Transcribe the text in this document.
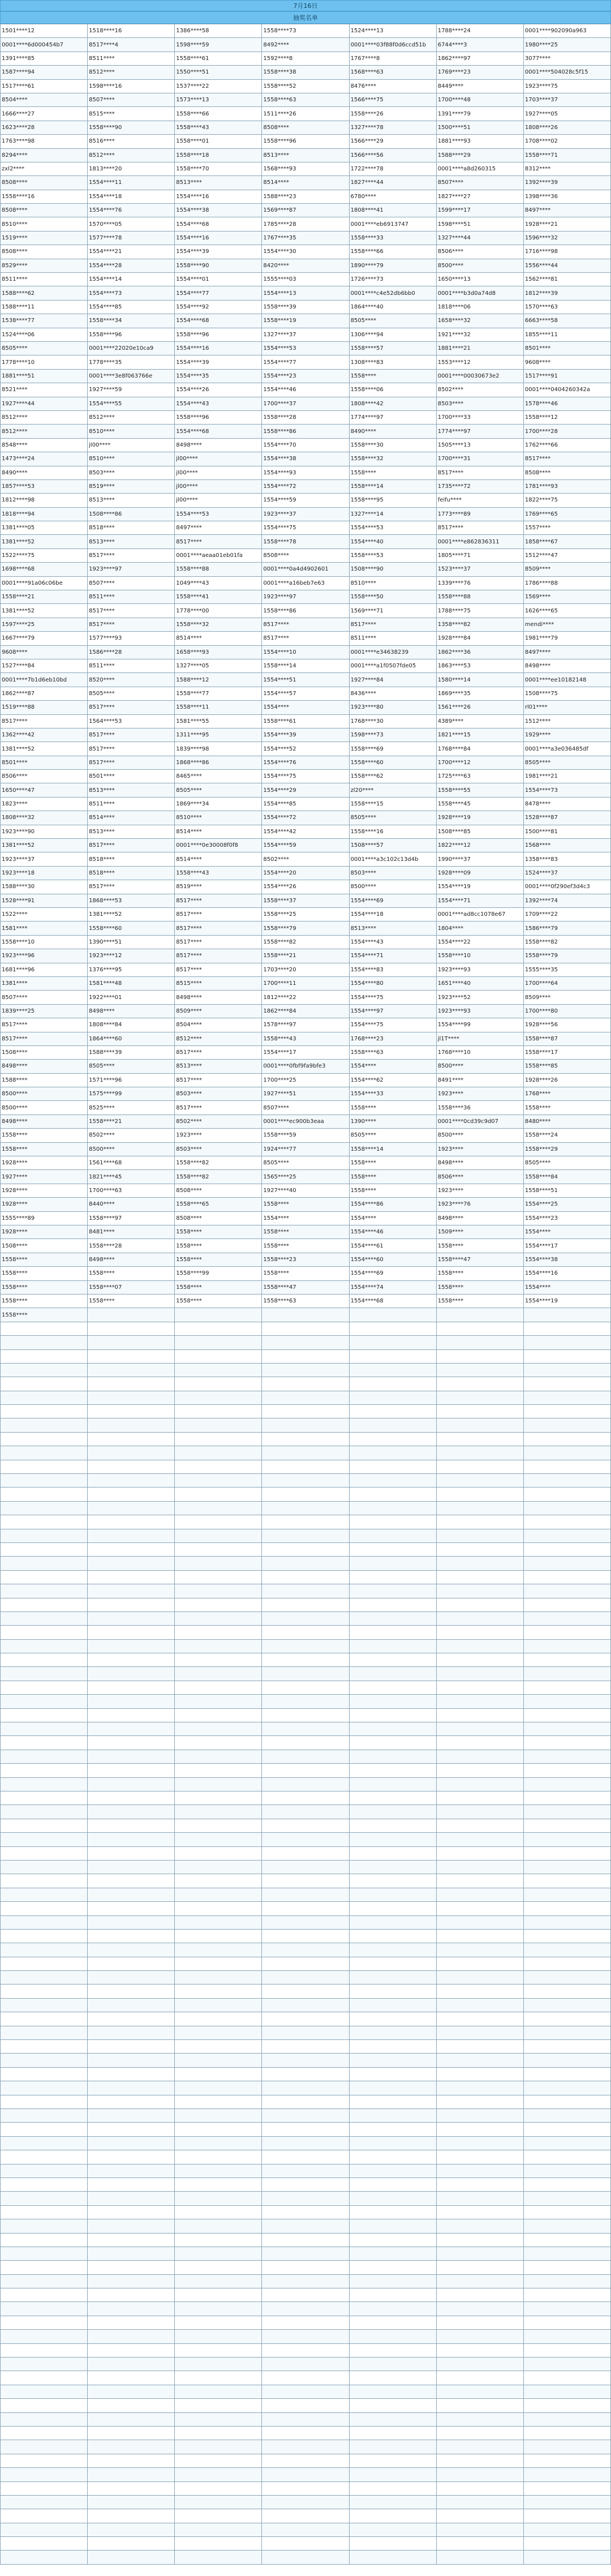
7月16日
抽奖名单
1501****12	1518****16	1386****58	1558****73	1524****13	1788****24	0001****902090a963
0001****6d000454b7	8517****4	1598****59	8492****	0001****03f88f0d6ccd51b	6744****3	1980****25
1391****85	8511****	1558****61	1592****8	1767****8	1862****97	3077****
1587****94	8512****	1550****51	1558****38	1568****63	1769****23	0001****504028c5f15
1517****61	1598****16	1537****22	1558****52	8476****	8449****	1923****75
8504****	8507****	1573****13	1558****63	1566****75	1700****48	1703****37
1666****27	8515****	1558****66	1511****26	1558****26	1391****79	1927****05
1623****28	1558****90	1558****43	8508****	1327****78	1500****51	1808****26
1763****98	8516****	1558****01	1558****96	1566****29	1881****93	1708****02
8294****	8512****	1558****18	8513****	1566****56	1588****29	1558****71
zxl2****	1813****20	1558****70	1568****93	1722****78	0001****a8d260315	8312****
8508****	1554****11	8513****	8514****	1827****44	8507****	1392****39
1558****16	1554****18	1554****16	1588****23	6780****	1827****27	1398****36
8508****	1554****76	1554****38	1569****87	1808****41	1599****17	8497****
8510****	1570****05	1554****68	1785****28	0001****eb6913747	1598****51	1928****21
1519****	1577****78	1554****16	1767****35	1558****33	1327****44	1596****32
8508****	1554****21	1554****39	1554****30	1558****66	8506****	1716****98
8529****	1554****28	1558****90	8420****	1890****79	8500****	1556****44
8511****	1554****14	1554****01	1555****03	1726****73	1650****13	1562****81
1588****62	1554****73	1554****77	1554****13	0001****c4e52db6bb0	0001****b3d0a74d8	1812****39
1588****11	1554****85	1554****92	1558****39	1864****40	1818****06	1570****63
1538****77	1558****34	1554****68	1558****19	8505****	1658****32	6663****58
1524****06	1558****96	1558****96	1327****37	1306****94	1921****32	1855****11
8505****	0001****22020e10ca9	1554****16	1554****53	1558****57	1881****21	8501****
1778****10	1778****35	1554****39	1554****77	1308****83	1553****12	9608****
1881****51	0001****3e8f063766e	1554****35	1554****23	1558****	0001****00030673e2	1517****91
8521****	1927****59	1554****26	1554****46	1558****06	8502****	0001****0404260342a
1927****44	1554****55	1554****43	1700****37	1808****42	8503****	1578****46
8512****	8512****	1558****96	1558****28	1774****97	1700****33	1558****12
8512****	8510****	1554****68	1558****86	8490****	1774****97	1700****28
8548****	jl00****	8498****	1554****70	1558****30	1505****13	1762****66
1473****24	8510****	jl00****	1554****38	1558****32	1700****31	8517****
8490****	8503****	jl00****	1554****93	1558****	8517****	8508****
1857****53	8519****	jl00****	1554****72	1558****14	1735****72	1781****93
1812****98	8513****	jl00****	1554****59	1558****95	feifu****	1822****75
1818****94	1508****86	1554****53	1923****37	1327****14	1773****89	1769****65
1381****05	8518****	8497****	1554****75	1554****53	8517****	1557****
1381****52	8513****	8517****	1558****78	1554****40	0001****e862836311	1858****67
1522****75	8517****	0001****aeaa01eb01fa	8508****	1558****53	1805****71	1512****47
1698****68	1923****97	1558****88	0001****0a4d4902601	1508****90	1523****37	8509****
0001****91a06c06be	8507****	1049****43	0001****a16beb7e63	8510****	1339****76	1786****88
1558****21	8511****	1558****41	1923****97	1558****50	1558****88	1569****
1381****52	8517****	1778****00	1558****86	1569****71	1788****75	1626****65
1597****25	8517****	1558****32	8517****	8517****	1358****82	mendi****
1667****79	1577****93	8514****	8517****	8511****	1928****84	1981****79
9608****	1586****28	1658****93	1554****10	0001****e34638239	1862****36	8497****
1527****84	8511****	1327****05	1558****14	0001****a1f0507fde05	1863****53	8498****
0001****7b1d6eb10bd	8520****	1588****12	1554****51	1927****84	1580****14	0001****ee10182148
1862****87	8505****	1558****77	1554****57	8436****	1869****35	1508****75
1519****88	8517****	1558****11	1554****	1923****80	1561****26	rl01****
8517****	1564****53	1581****55	1558****61	1768****30	4389****	1512****
1362****42	8517****	1311****95	1554****39	1598****73	1821****15	1929****
1381****52	8517****	1839****98	1554****52	1558****69	1768****84	0001****a3e036485df
8501****	8517****	1868****86	1554****76	1558****60	1700****12	8505****
8506****	8501****	8465****	1554****75	1558****62	1725****63	1981****21
1650****47	8513****	8505****	1554****29	zl20****	1558****55	1554****73
1823****	8511****	1869****34	1554****85	1558****15	1558****45	8478****
1808****32	8514****	8510****	1554****72	8505****	1928****19	1528****87
1923****90	8513****	8514****	1554****42	1558****16	1508****85	1500****81
1381****52	8517****	0001****0e30008f0f8	1554****59	1508****57	1822****12	1568****
1923****37	8518****	8514****	8502****	0001****a3c102c13d4b	1990****37	1358****83
1923****18	8518****	1558****43	1554****20	8503****	1928****09	1524****37
1588****30	8517****	8519****	1554****26	8500****	1554****19	0001****0f290ef3d4c3
1528****91	1868****53	8517****	1558****37	1554****69	1554****71	1392****74
1522****	1381****52	8517****	1558****25	1554****18	0001****ad8cc1078e67	1709****22
1581****	1558****60	8517****	1558****79	8513****	1804****	1586****79
1558****10	1390****51	8517****	1558****82	1554****43	1554****22	1558****82
1923****96	1923****12	8517****	1558****21	1554****71	1558****10	1558****79
1681****96	1376****95	8517****	1703****20	1554****83	1923****93	1555****35
1381****	1581****48	8515****	1700****11	1554****80	1651****40	1700****64
8507****	1922****01	8498****	1812****22	1554****75	1923****52	8509****
1839****25	8498****	8509****	1862****84	1554****97	1923****93	1700****80
8517****	1808****84	8504****	1578****97	1554****75	1554****99	1928****56
8517****	1864****60	8512****	1558****43	1768****23	jl1T****	1558****87
1508****	1588****39	8517****	1554****17	1558****63	1768****10	1558****17
8498****	8505****	8513****	0001****0fbf9fa9bfe3	1554****	8500****	1558****85
1588****	1571****96	8517****	1700****25	1554****62	8491****	1928****26
8500****	1575****99	8503****	1927****51	1554****33	1923****	1768****
8500****	8525****	8517****	8507****	1558****	1558****36	1558****
8498****	1558****21	8502****	0001****ec900b3eaa	1390****	0001****0cd39c9d07	8480****
1558****	8502****	1923****	1558****59	8505****	8500****	1558****24
1558****	8500****	8503****	1924****77	1558****14	1923****	1558****29
1928****	1561****68	1558****82	8505****	1558****	8498****	8505****
1927****	1821****45	1558****82	1565****25	1558****	8506****	1558****84
1928****	1700****63	8508****	1927****40	1558****	1923****	1558****51
1928****	8440****	1558****65	1558****	1554****86	1923****76	1554****25
1555****89	1558****97	8508****	1554****	1554****	8498****	1554****23
1928****	8481****	1558****	1558****	1554****46	1509****	1554****
1508****	1558****28	1558****	1558****	1554****61	1558****	1554****17
1558****	8498****	1558****	1558****23	1554****60	1558****47	1554****38
1558****	1558****	1558****99	1558****	1554****69	1558****	1554****16
1558****	1558****07	1558****	1558****47	1554****74	1558****	1554****
1558****	1558****	1558****	1558****63	1554****68	1558****	1554****19
1558****						
